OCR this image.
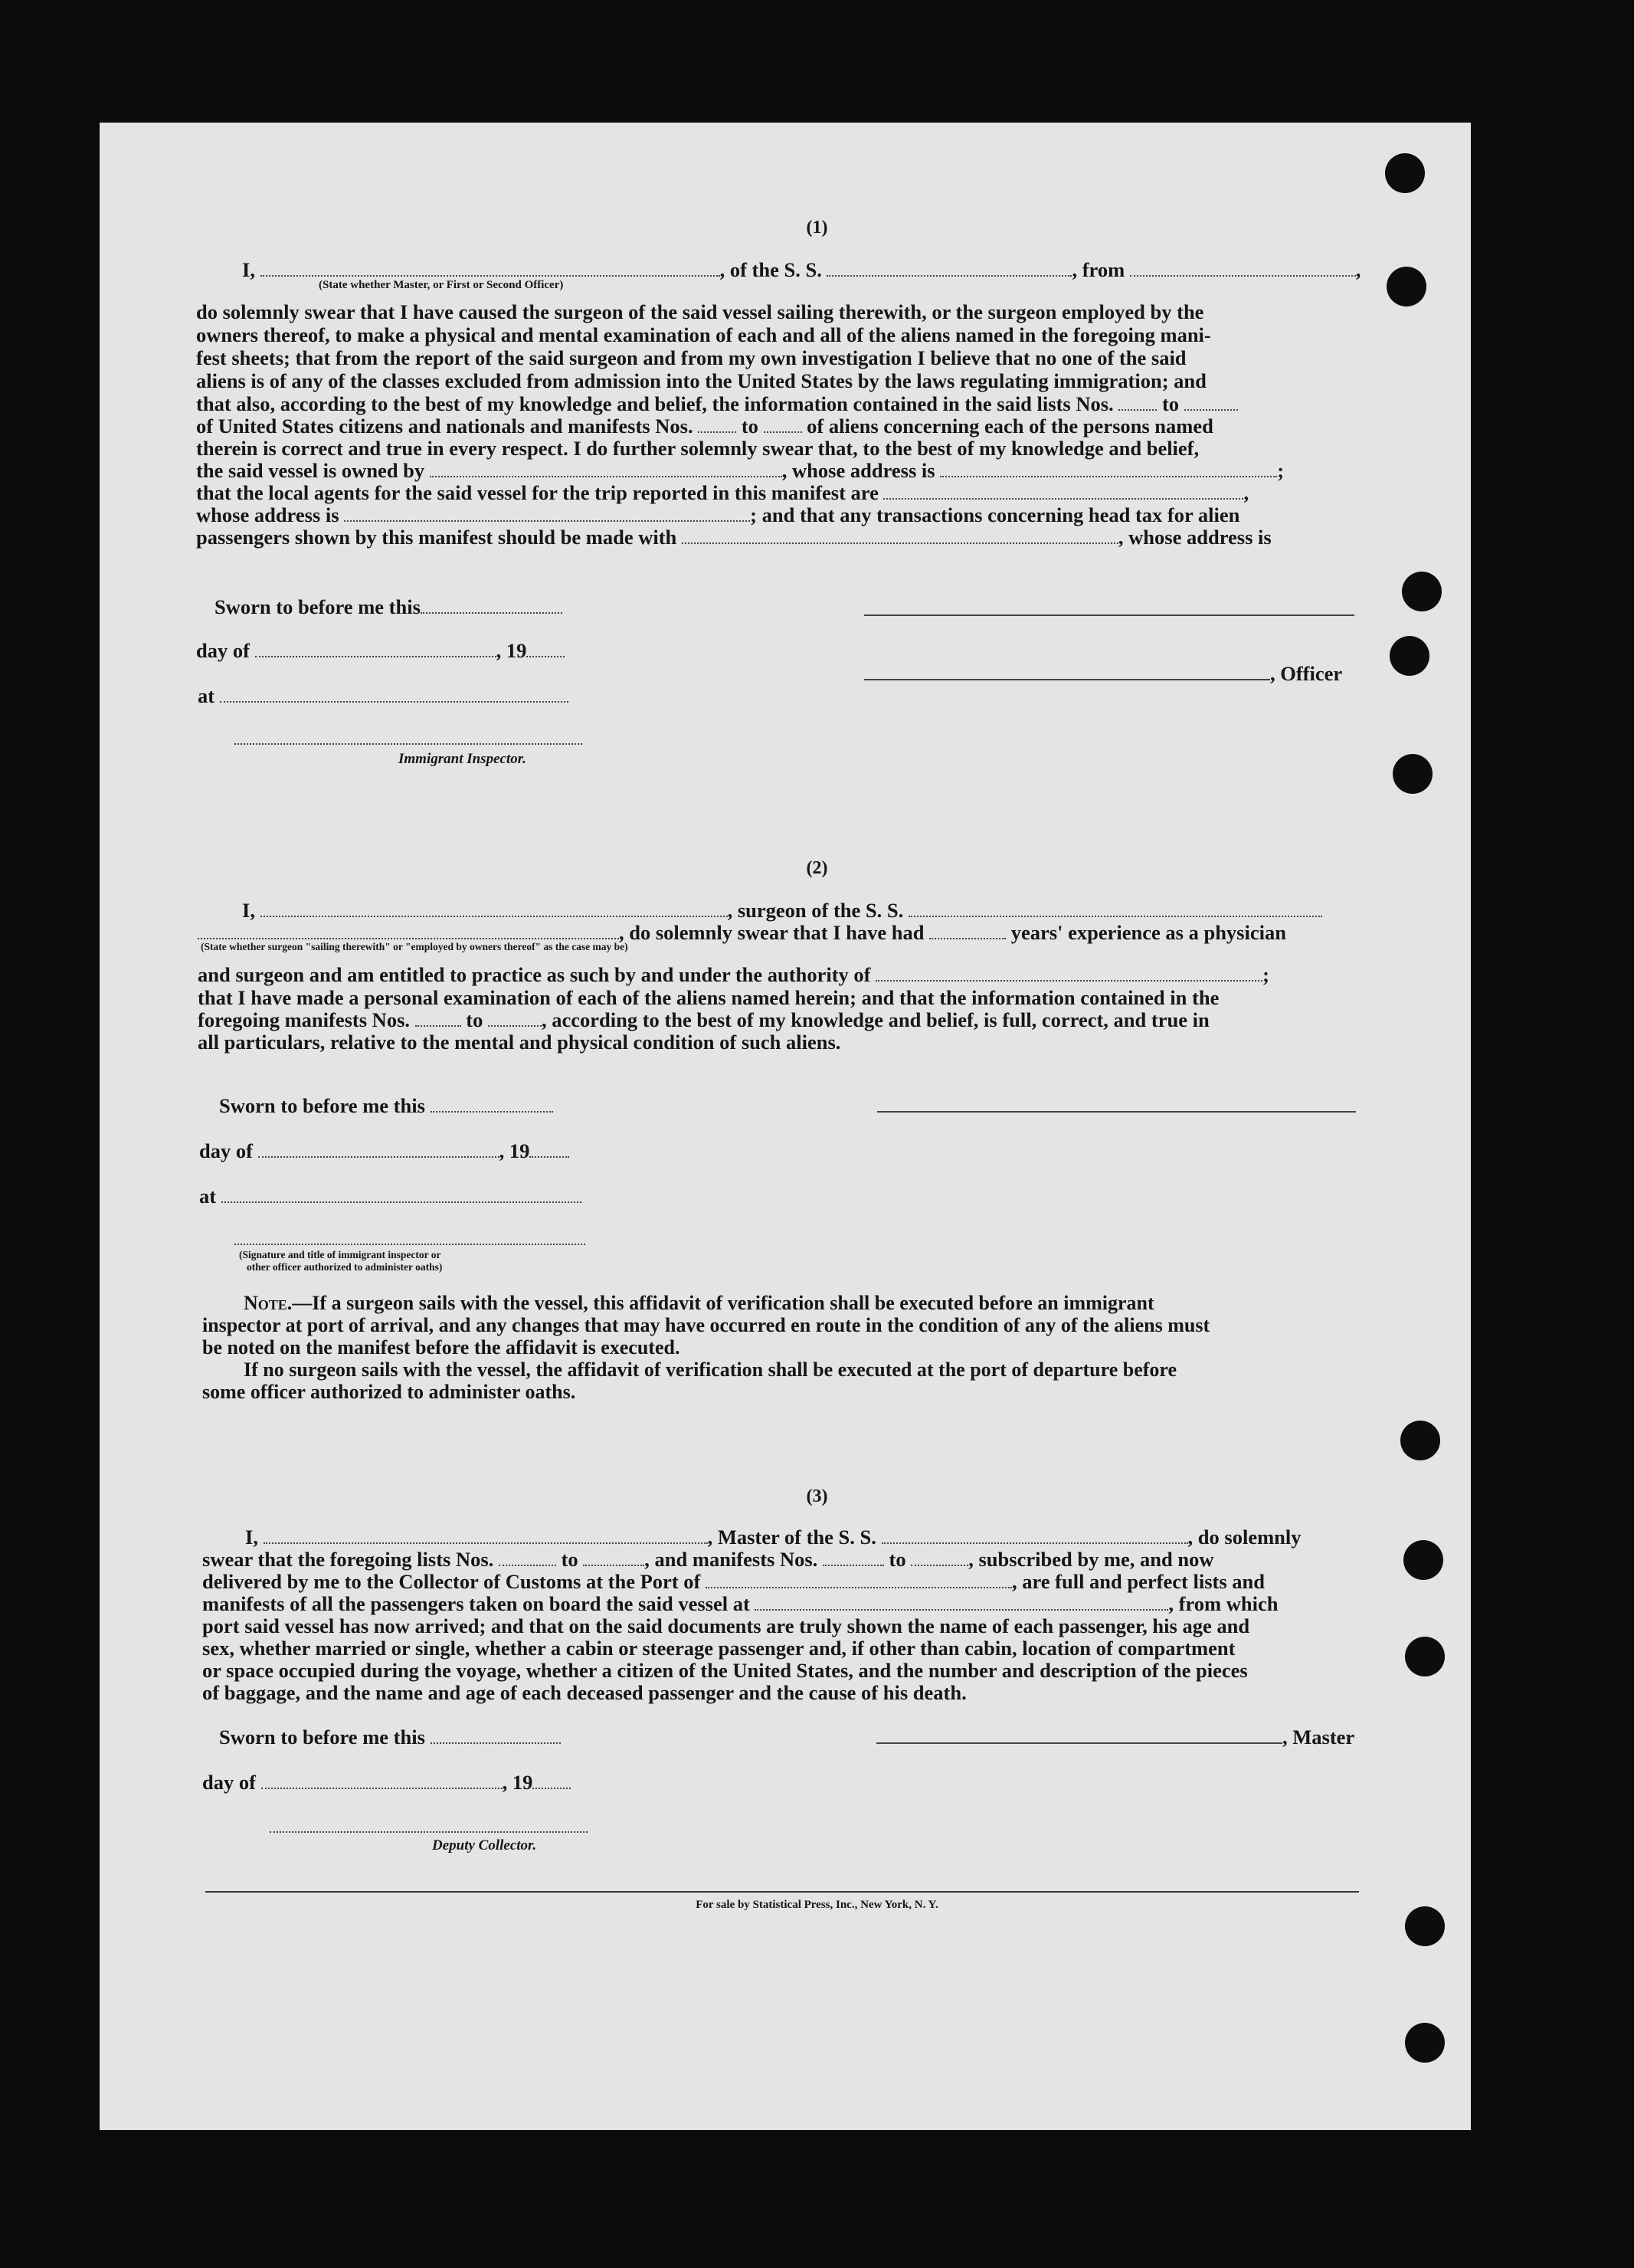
(1)
I,	, of the S. S.	, from	,
(State whether Master, or First or Second Officer)
do solemnly swear that I have caused the surgeon of the said vessel sailing therewith, or the surgeon employed by the
owners thereof, to make a physical and mental examination of each and all of the aliens named in the foregoing mani-
fest sheets; that from the report of the said surgeon and from my own investigation I believe that no one of the said
aliens is of any of the classes excluded from admission into the United States by the laws regulating immigration; and
that also, according to the best of my knowledge and belief, the information contained in the said lists Nos. to
of United States citizens and nationals and manifests Nos. to of aliens concerning each of the persons named
therein is correct and true in every respect. I do further solemnly swear that, to the best of my knowledge and belief,
the said vessel is owned by	, whose address is	;
that the local agents for the said vessel for the trip reported in this manifest are	,
whose address is	; and that any transactions concerning head tax for alien
passengers shown by this manifest should be made with	, whose address is
Sworn to before me this
day of	, 19
at
Immigrant Inspector.
, Officer
(2)
I,	, surgeon of the S. S.
, do solemnly swear that I have had	years' experience as a physician
(State whether surgeon "sailing therewith" or "employed by owners thereof" as the case may be)
and surgeon and am entitled to practice as such by and under the authority of	;
that I have made a personal examination of each of the aliens named herein; and that the information contained in the
foregoing manifests Nos.	to	, according to the best of my knowledge and belief, is full, correct, and true in
all particulars, relative to the mental and physical condition of such aliens.
Sworn to before me this
day of	, 19
at
(Signature and title of immigrant inspector or
other officer authorized to administer oaths)
Note.—If a surgeon sails with the vessel, this affidavit of verification shall be executed before an immigrant
inspector at port of arrival, and any changes that may have occurred en route in the condition of any of the aliens must
be noted on the manifest before the affidavit is executed.
If no surgeon sails with the vessel, the affidavit of verification shall be executed at the port of departure before
some officer authorized to administer oaths.
(3)
I,	, Master of the S. S.	, do solemnly
swear that the foregoing lists Nos.	to	, and manifests Nos.	to	, subscribed by me, and now
delivered by me to the Collector of Customs at the Port of	, are full and perfect lists and
manifests of all the passengers taken on board the said vessel at	, from which
port said vessel has now arrived; and that on the said documents are truly shown the name of each passenger, his age and
sex, whether married or single, whether a cabin or steerage passenger and, if other than cabin, location of compartment
or space occupied during the voyage, whether a citizen of the United States, and the number and description of the pieces
of baggage, and the name and age of each deceased passenger and the cause of his death.
Sworn to before me this
day of	, 19
Deputy Collector.
, Master
For sale by Statistical Press, Inc., New York, N. Y.
